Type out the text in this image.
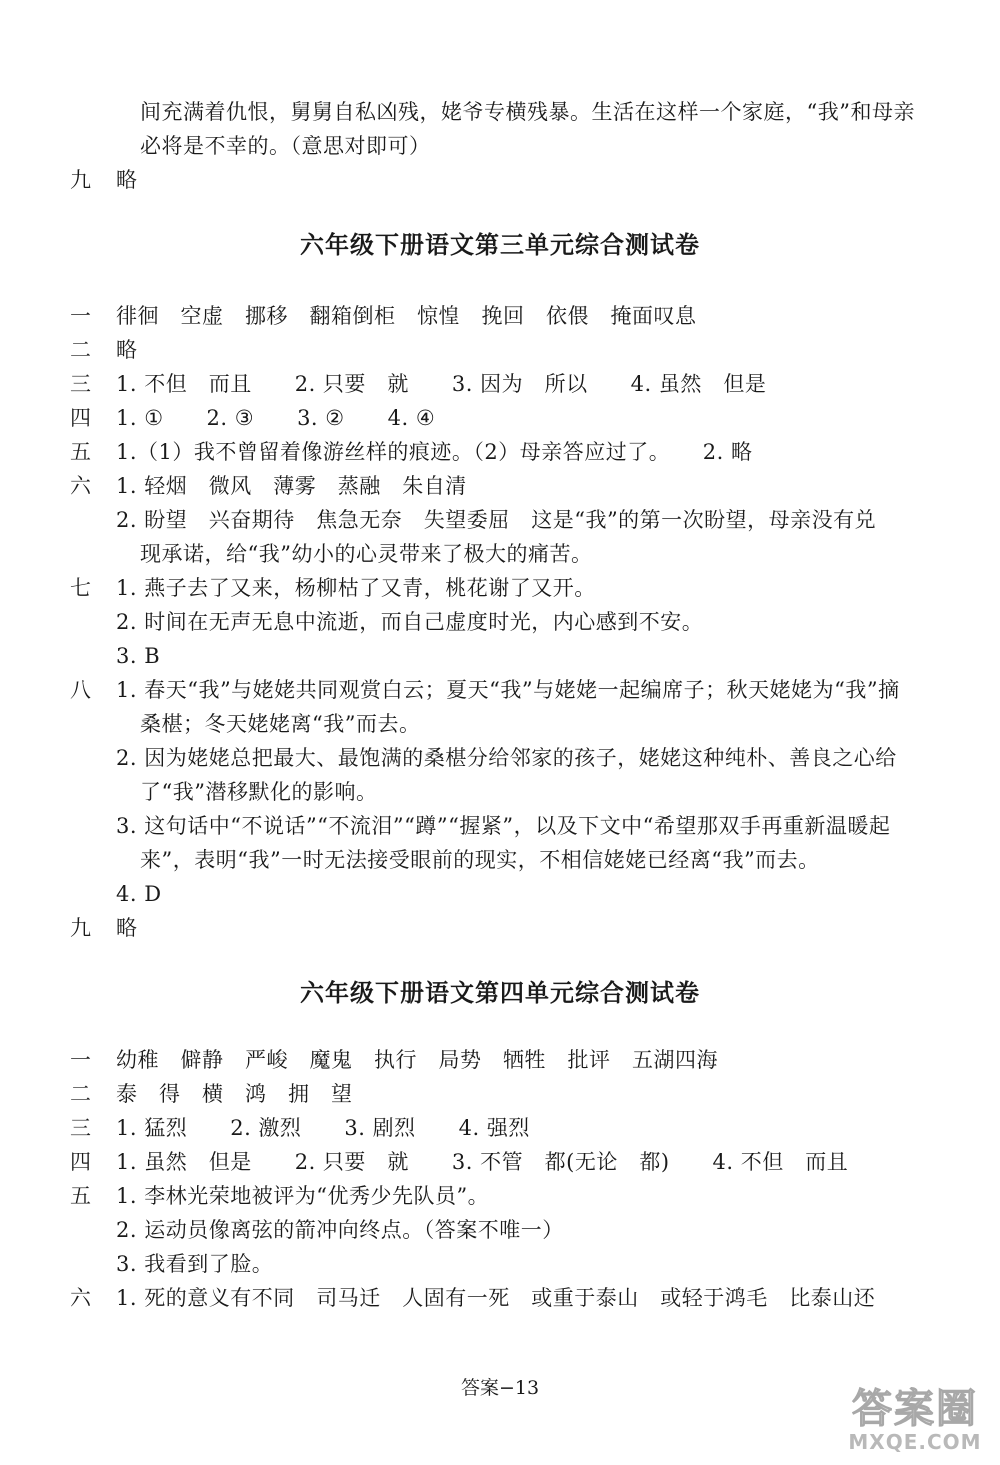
间充满着仇恨，舅舅自私凶残，姥爷专横残暴。生活在这样一个家庭，“我”和母亲
必将是不幸的。（意思对即可）
九 略
六年级下册语文第三单元综合测试卷
一 徘徊　空虚　挪移　翻箱倒柜　惊惶　挽回　依偎　掩面叹息
二 略
三 1. 不但　而且　　2. 只要　就　　3. 因为　所以　　4. 虽然　但是
四 1. ①　　2. ③　　3. ②　　4. ④
五 1.（1）我不曾留着像游丝样的痕迹。（2）母亲答应过了。　　2. 略
六 1. 轻烟　微风　薄雾　蒸融　朱自清
2. 盼望　兴奋期待　焦急无奈　失望委屈　这是“我”的第一次盼望，母亲没有兑
现承诺，给“我”幼小的心灵带来了极大的痛苦。
七 1. 燕子去了又来，杨柳枯了又青，桃花谢了又开。
2. 时间在无声无息中流逝，而自己虚度时光，内心感到不安。
3. B
八 1. 春天“我”与姥姥共同观赏白云；夏天“我”与姥姥一起编席子；秋天姥姥为“我”摘
桑椹；冬天姥姥离“我”而去。
2. 因为姥姥总把最大、最饱满的桑椹分给邻家的孩子，姥姥这种纯朴、善良之心给
了“我”潜移默化的影响。
3. 这句话中“不说话”“不流泪”“蹲”“握紧”，以及下文中“希望那双手再重新温暖起
来”，表明“我”一时无法接受眼前的现实，不相信姥姥已经离“我”而去。
4. D
九 略
六年级下册语文第四单元综合测试卷
一 幼稚　僻静　严峻　魔鬼　执行　局势　牺牲　批评　五湖四海
二 泰　得　横　鸿　拥　望
三 1. 猛烈　　2. 激烈　　3. 剧烈　　4. 强烈
四 1. 虽然　但是　　2. 只要　就　　3. 不管　都(无论　都)　　4. 不但　而且
五 1. 李林光荣地被评为“优秀少先队员”。
2. 运动员像离弦的箭冲向终点。（答案不唯一）
3. 我看到了脸。
六 1. 死的意义有不同　司马迁　人固有一死　或重于泰山　或轻于鸿毛　比泰山还
答案−13	答案圈
MXQE.COM
